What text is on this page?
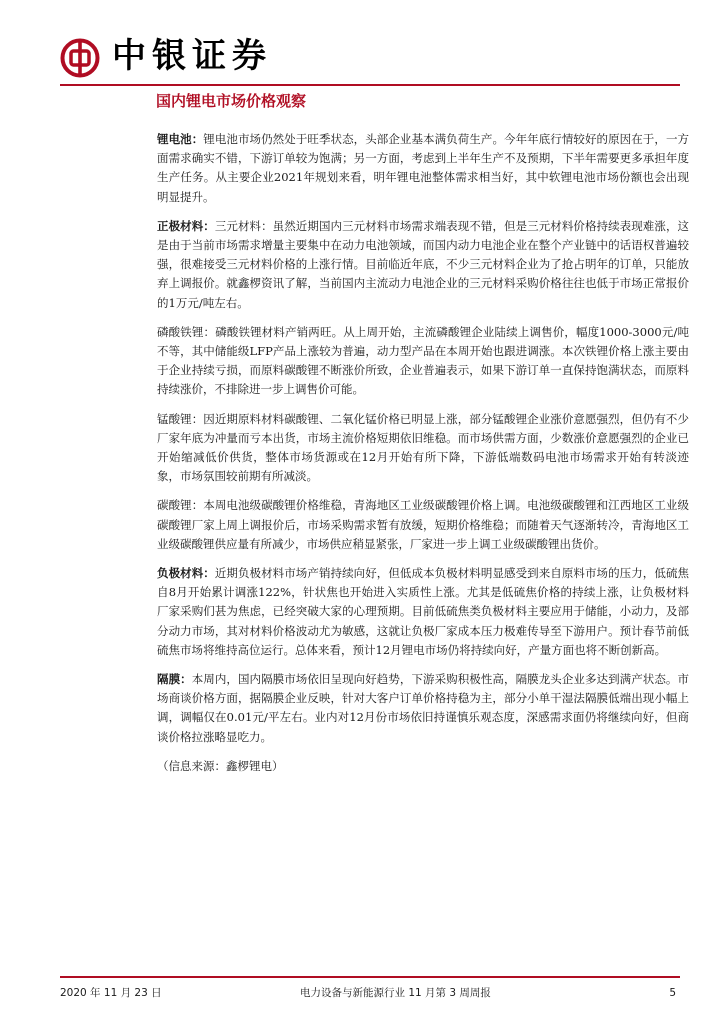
中银证券
国内锂电市场价格观察

锂电池：锂电池市场仍然处于旺季状态，头部企业基本满负荷生产。今年年底行情较好的原因在于，一方面需求确实不错，下游订单较为饱满；另一方面，考虑到上半年生产不及预期，下半年需要更多承担年度生产任务。从主要企业2021年规划来看，明年锂电池整体需求相当好，其中软锂电池市场份额也会出现明显提升。

正极材料：三元材料：虽然近期国内三元材料市场需求端表现不错，但是三元材料价格持续表现难涨，这是由于当前市场需求增量主要集中在动力电池领域，而国内动力电池企业在整个产业链中的话语权普遍较强，很难接受三元材料价格的上涨行情。目前临近年底，不少三元材料企业为了抢占明年的订单，只能放弃上调报价。就鑫椤资讯了解，当前国内主流动力电池企业的三元材料采购价格往往也低于市场正常报价的1万元/吨左右。

磷酸铁锂：磷酸铁锂材料产销两旺。从上周开始，主流磷酸锂企业陆续上调售价，幅度1000-3000元/吨不等，其中储能级LFP产品上涨较为普遍，动力型产品在本周开始也跟进调涨。本次铁锂价格上涨主要由于企业持续亏损，而原料碳酸锂不断涨价所致，企业普遍表示，如果下游订单一直保持饱满状态，而原料持续涨价，不排除进一步上调售价可能。

锰酸锂：因近期原料材料碳酸锂、二氧化锰价格已明显上涨，部分锰酸锂企业涨价意愿强烈，但仍有不少厂家年底为冲量而亏本出货，市场主流价格短期依旧维稳。而市场供需方面，少数涨价意愿强烈的企业已开始缩减低价供货，整体市场货源或在12月开始有所下降，下游低端数码电池市场需求开始有转淡迹象，市场氛围较前期有所减淡。

碳酸锂：本周电池级碳酸锂价格维稳，青海地区工业级碳酸锂价格上调。电池级碳酸锂和江西地区工业级碳酸锂厂家上周上调报价后，市场采购需求暂有放缓，短期价格维稳；而随着天气逐渐转冷，青海地区工业级碳酸锂供应量有所减少，市场供应稍显紧张，厂家进一步上调工业级碳酸锂出货价。

负极材料：近期负极材料市场产销持续向好，但低成本负极材料明显感受到来自原料市场的压力，低硫焦自8月开始累计调涨122%，针状焦也开始进入实质性上涨。尤其是低硫焦价格的持续上涨，让负极材料厂家采购们甚为焦虑，已经突破大家的心理预期。目前低硫焦类负极材料主要应用于储能，小动力，及部分动力市场，其对材料价格波动尤为敏感，这就让负极厂家成本压力极难传导至下游用户。预计春节前低硫焦市场将维持高位运行。总体来看，预计12月锂电市场仍将持续向好，产量方面也将不断创新高。

隔膜：本周内，国内隔膜市场依旧呈现向好趋势，下游采购积极性高，隔膜龙头企业多达到满产状态。市场商谈价格方面，据隔膜企业反映，针对大客户订单价格持稳为主，部分小单干湿法隔膜低端出现小幅上调，调幅仅在0.01元/平左右。业内对12月份市场依旧持谨慎乐观态度，深感需求面仍将继续向好，但商谈价格拉涨略显吃力。

（信息来源：鑫椤锂电）

2020 年 11 月 23 日	电力设备与新能源行业 11 月第 3 周周报	5
